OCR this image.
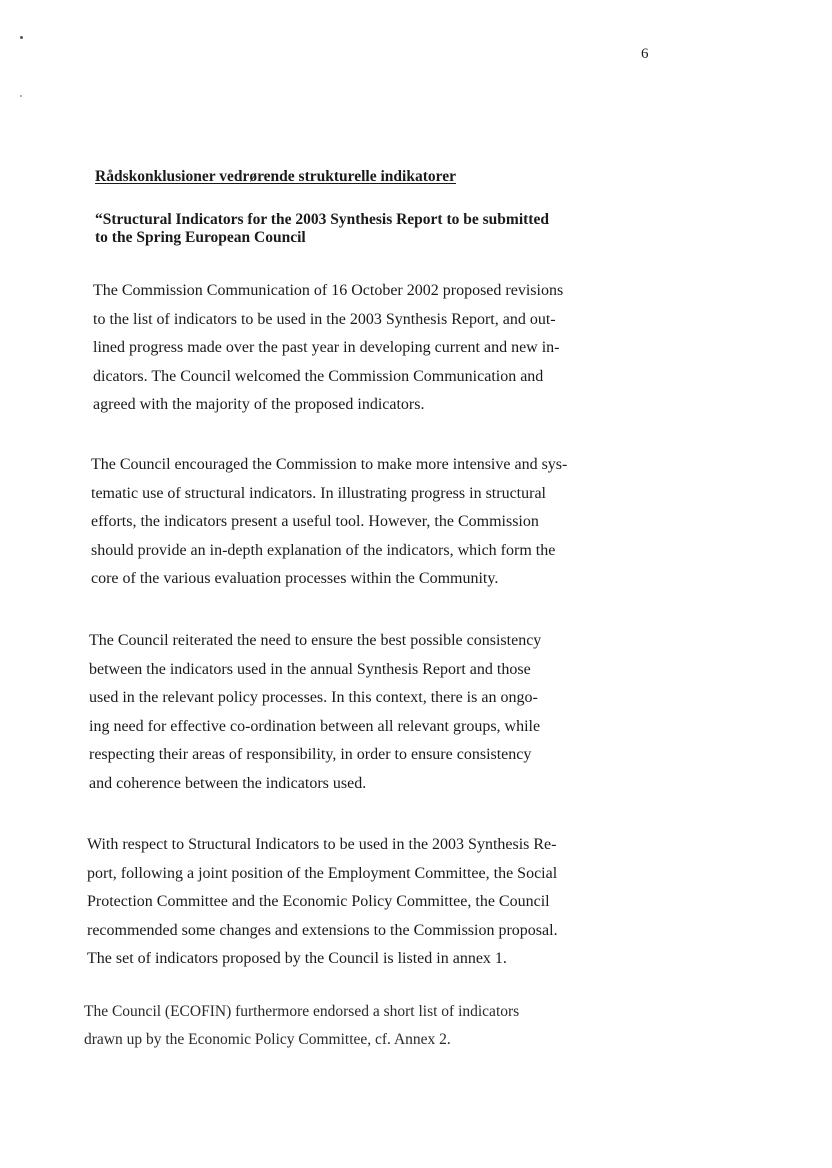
6
Rådskonklusioner vedrørende strukturelle indikatorer
“Structural Indicators for the 2003 Synthesis Report to be submitted
to the Spring European Council
The Commission Communication of 16 October 2002 proposed revisions
to the list of indicators to be used in the 2003 Synthesis Report, and out-
lined progress made over the past year in developing current and new in-
dicators. The Council welcomed the Commission Communication and
agreed with the majority of the proposed indicators.
The Council encouraged the Commission to make more intensive and sys-
tematic use of structural indicators. In illustrating progress in structural
efforts, the indicators present a useful tool. However, the Commission
should provide an in-depth explanation of the indicators, which form the
core of the various evaluation processes within the Community.
The Council reiterated the need to ensure the best possible consistency
between the indicators used in the annual Synthesis Report and those
used in the relevant policy processes. In this context, there is an ongo-
ing need for effective co-ordination between all relevant groups, while
respecting their areas of responsibility, in order to ensure consistency
and coherence between the indicators used.
With respect to Structural Indicators to be used in the 2003 Synthesis Re-
port, following a joint position of the Employment Committee, the Social
Protection Committee and the Economic Policy Committee, the Council
recommended some changes and extensions to the Commission proposal.
The set of indicators proposed by the Council is listed in annex 1.
The Council (ECOFIN) furthermore endorsed a short list of indicators
drawn up by the Economic Policy Committee, cf. Annex 2.
